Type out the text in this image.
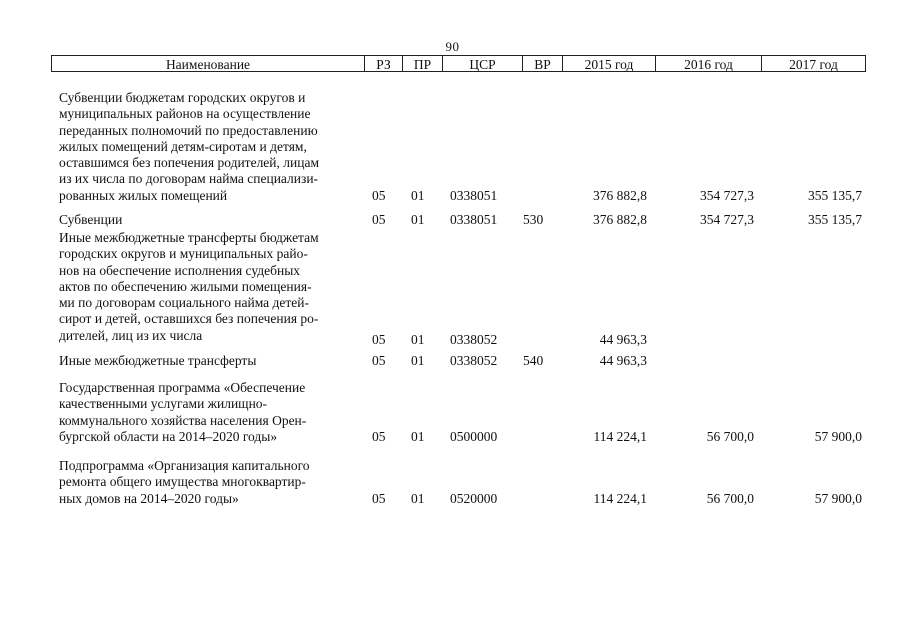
90
Наименование	РЗ	ПР	ЦСР	ВР	2015 год	2016 год	2017 год
Субвенции бюджетам городских округов и
муниципальных районов на осуществление
переданных полномочий по предоставлению
жилых помещений детям-сиротам и детям,
оставшимся без попечения родителей, лицам
из их числа по договорам найма специализи-
рованных жилых помещений	05 01 0338051	376 882,8	354 727,3	355 135,7
Субвенции	05 01 0338051 530	376 882,8	354 727,3	355 135,7
Иные межбюджетные трансферты бюджетам
городских округов и муниципальных райо-
нов на обеспечение исполнения судебных
актов по обеспечению жилыми помещения-
ми по договорам социального найма детей-
сирот и детей, оставшихся без попечения ро-
дителей, лиц из их числа	05 01 0338052	44 963,3
Иные межбюджетные трансферты	05 01 0338052 540	44 963,3
Государственная программа «Обеспечение
качественными услугами жилищно-
коммунального хозяйства населения Орен-
бургской области на 2014–2020 годы»	05 01 0500000	114 224,1	56 700,0	57 900,0
Подпрограмма «Организация капитального
ремонта общего имущества многоквартир-
ных домов на 2014–2020 годы»	05 01 0520000	114 224,1	56 700,0	57 900,0
